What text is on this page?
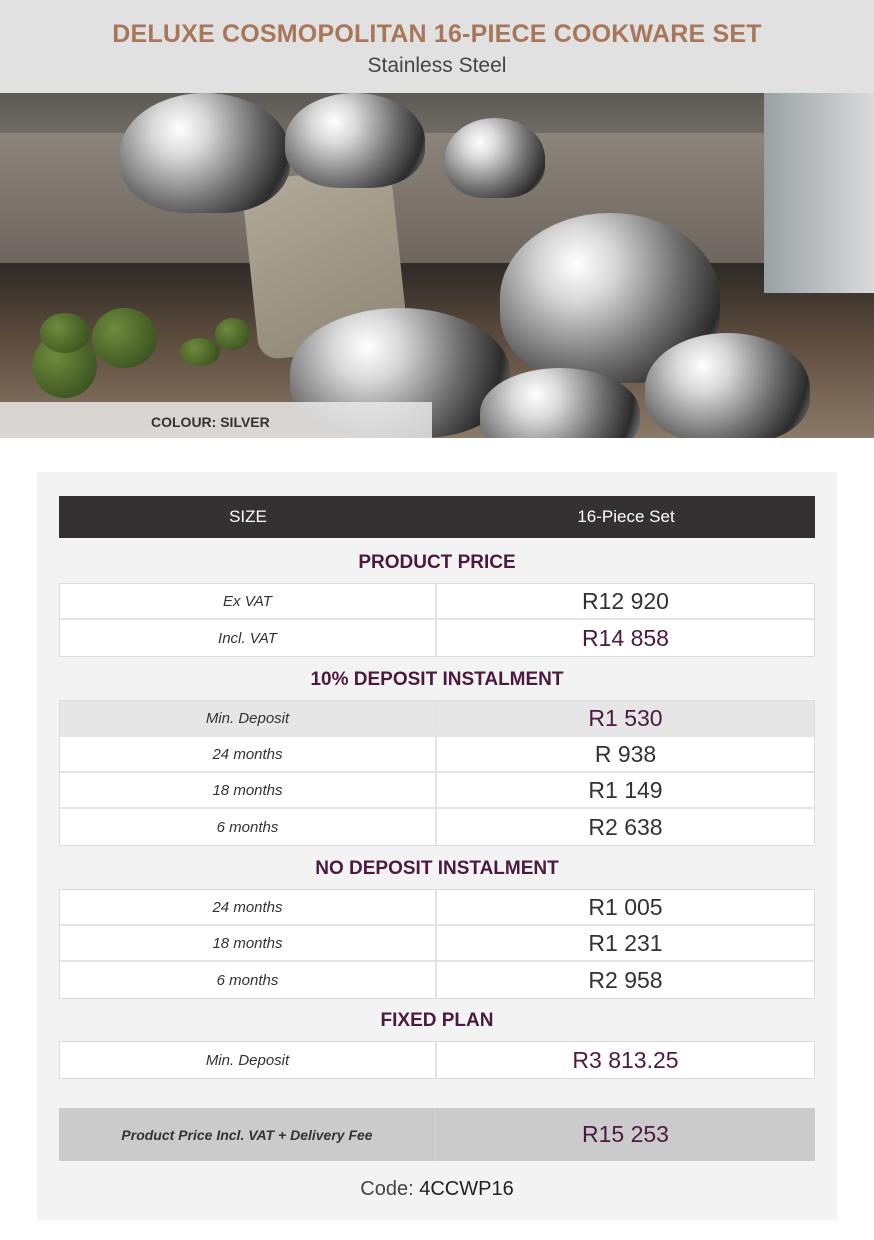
DELUXE COSMOPOLITAN 16-PIECE COOKWARE SET
Stainless Steel
COLOUR: SILVER
SIZE	16-Piece Set
PRODUCT PRICE
Ex VAT	R12 920
Incl. VAT	R14 858
10% DEPOSIT INSTALMENT
Min. Deposit	R1 530
24 months	R 938
18 months	R1 149
6 months	R2 638
NO DEPOSIT INSTALMENT
24 months	R1 005
18 months	R1 231
6 months	R2 958
FIXED PLAN
Min. Deposit	R3 813.25
Product Price Incl. VAT + Delivery Fee	R15 253
Code: 4CCWP16
